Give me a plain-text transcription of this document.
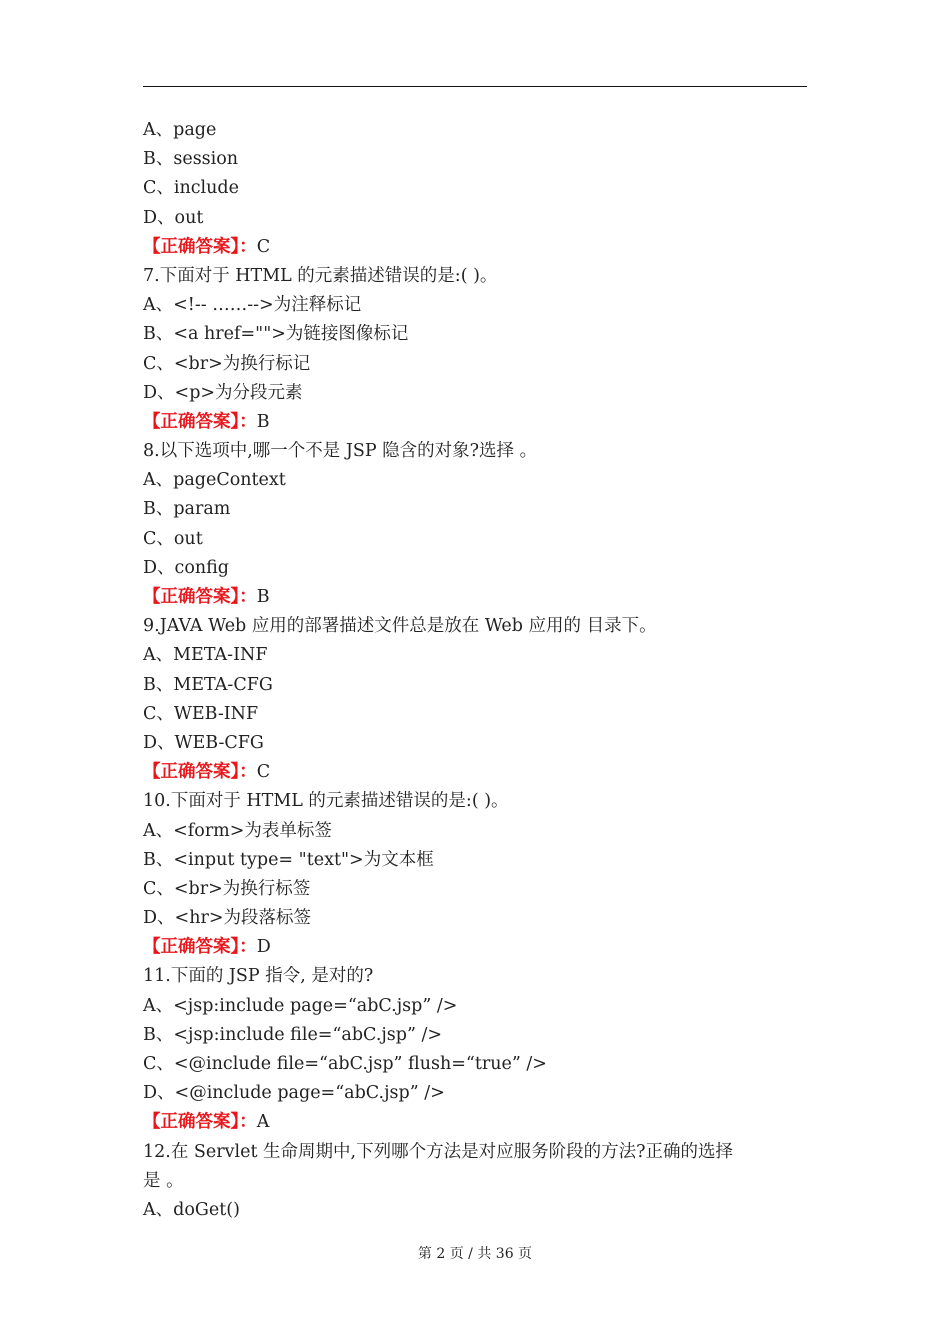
A、page
B、session
C、include
D、out
【正确答案】：C
7.下面对于 HTML 的元素描述错误的是:( )。
A、<!-- ……-->为注释标记
B、<a href="">为链接图像标记
C、<br>为换行标记
D、<p>为分段元素
【正确答案】：B
8.以下选项中,哪一个不是 JSP 隐含的对象?选择 。
A、pageContext
B、param
C、out
D、config
【正确答案】：B
9.JAVA Web 应用的部署描述文件总是放在 Web 应用的 目录下。
A、META-INF
B、META-CFG
C、WEB-INF
D、WEB-CFG
【正确答案】：C
10.下面对于 HTML 的元素描述错误的是:( )。
A、<form>为表单标签
B、<input type= "text">为文本框
C、<br>为换行标签
D、<hr>为段落标签
【正确答案】：D
11.下面的 JSP 指令, 是对的?
A、<jsp:include page=“abC.jsp” />
B、<jsp:include file=“abC.jsp” />
C、<@include file=“abC.jsp” flush=“true” />
D、<@include page=“abC.jsp” />
【正确答案】：A
12.在 Servlet 生命周期中,下列哪个方法是对应服务阶段的方法?正确的选择
是 。
A、doGet()
第 2 页 / 共 36 页
